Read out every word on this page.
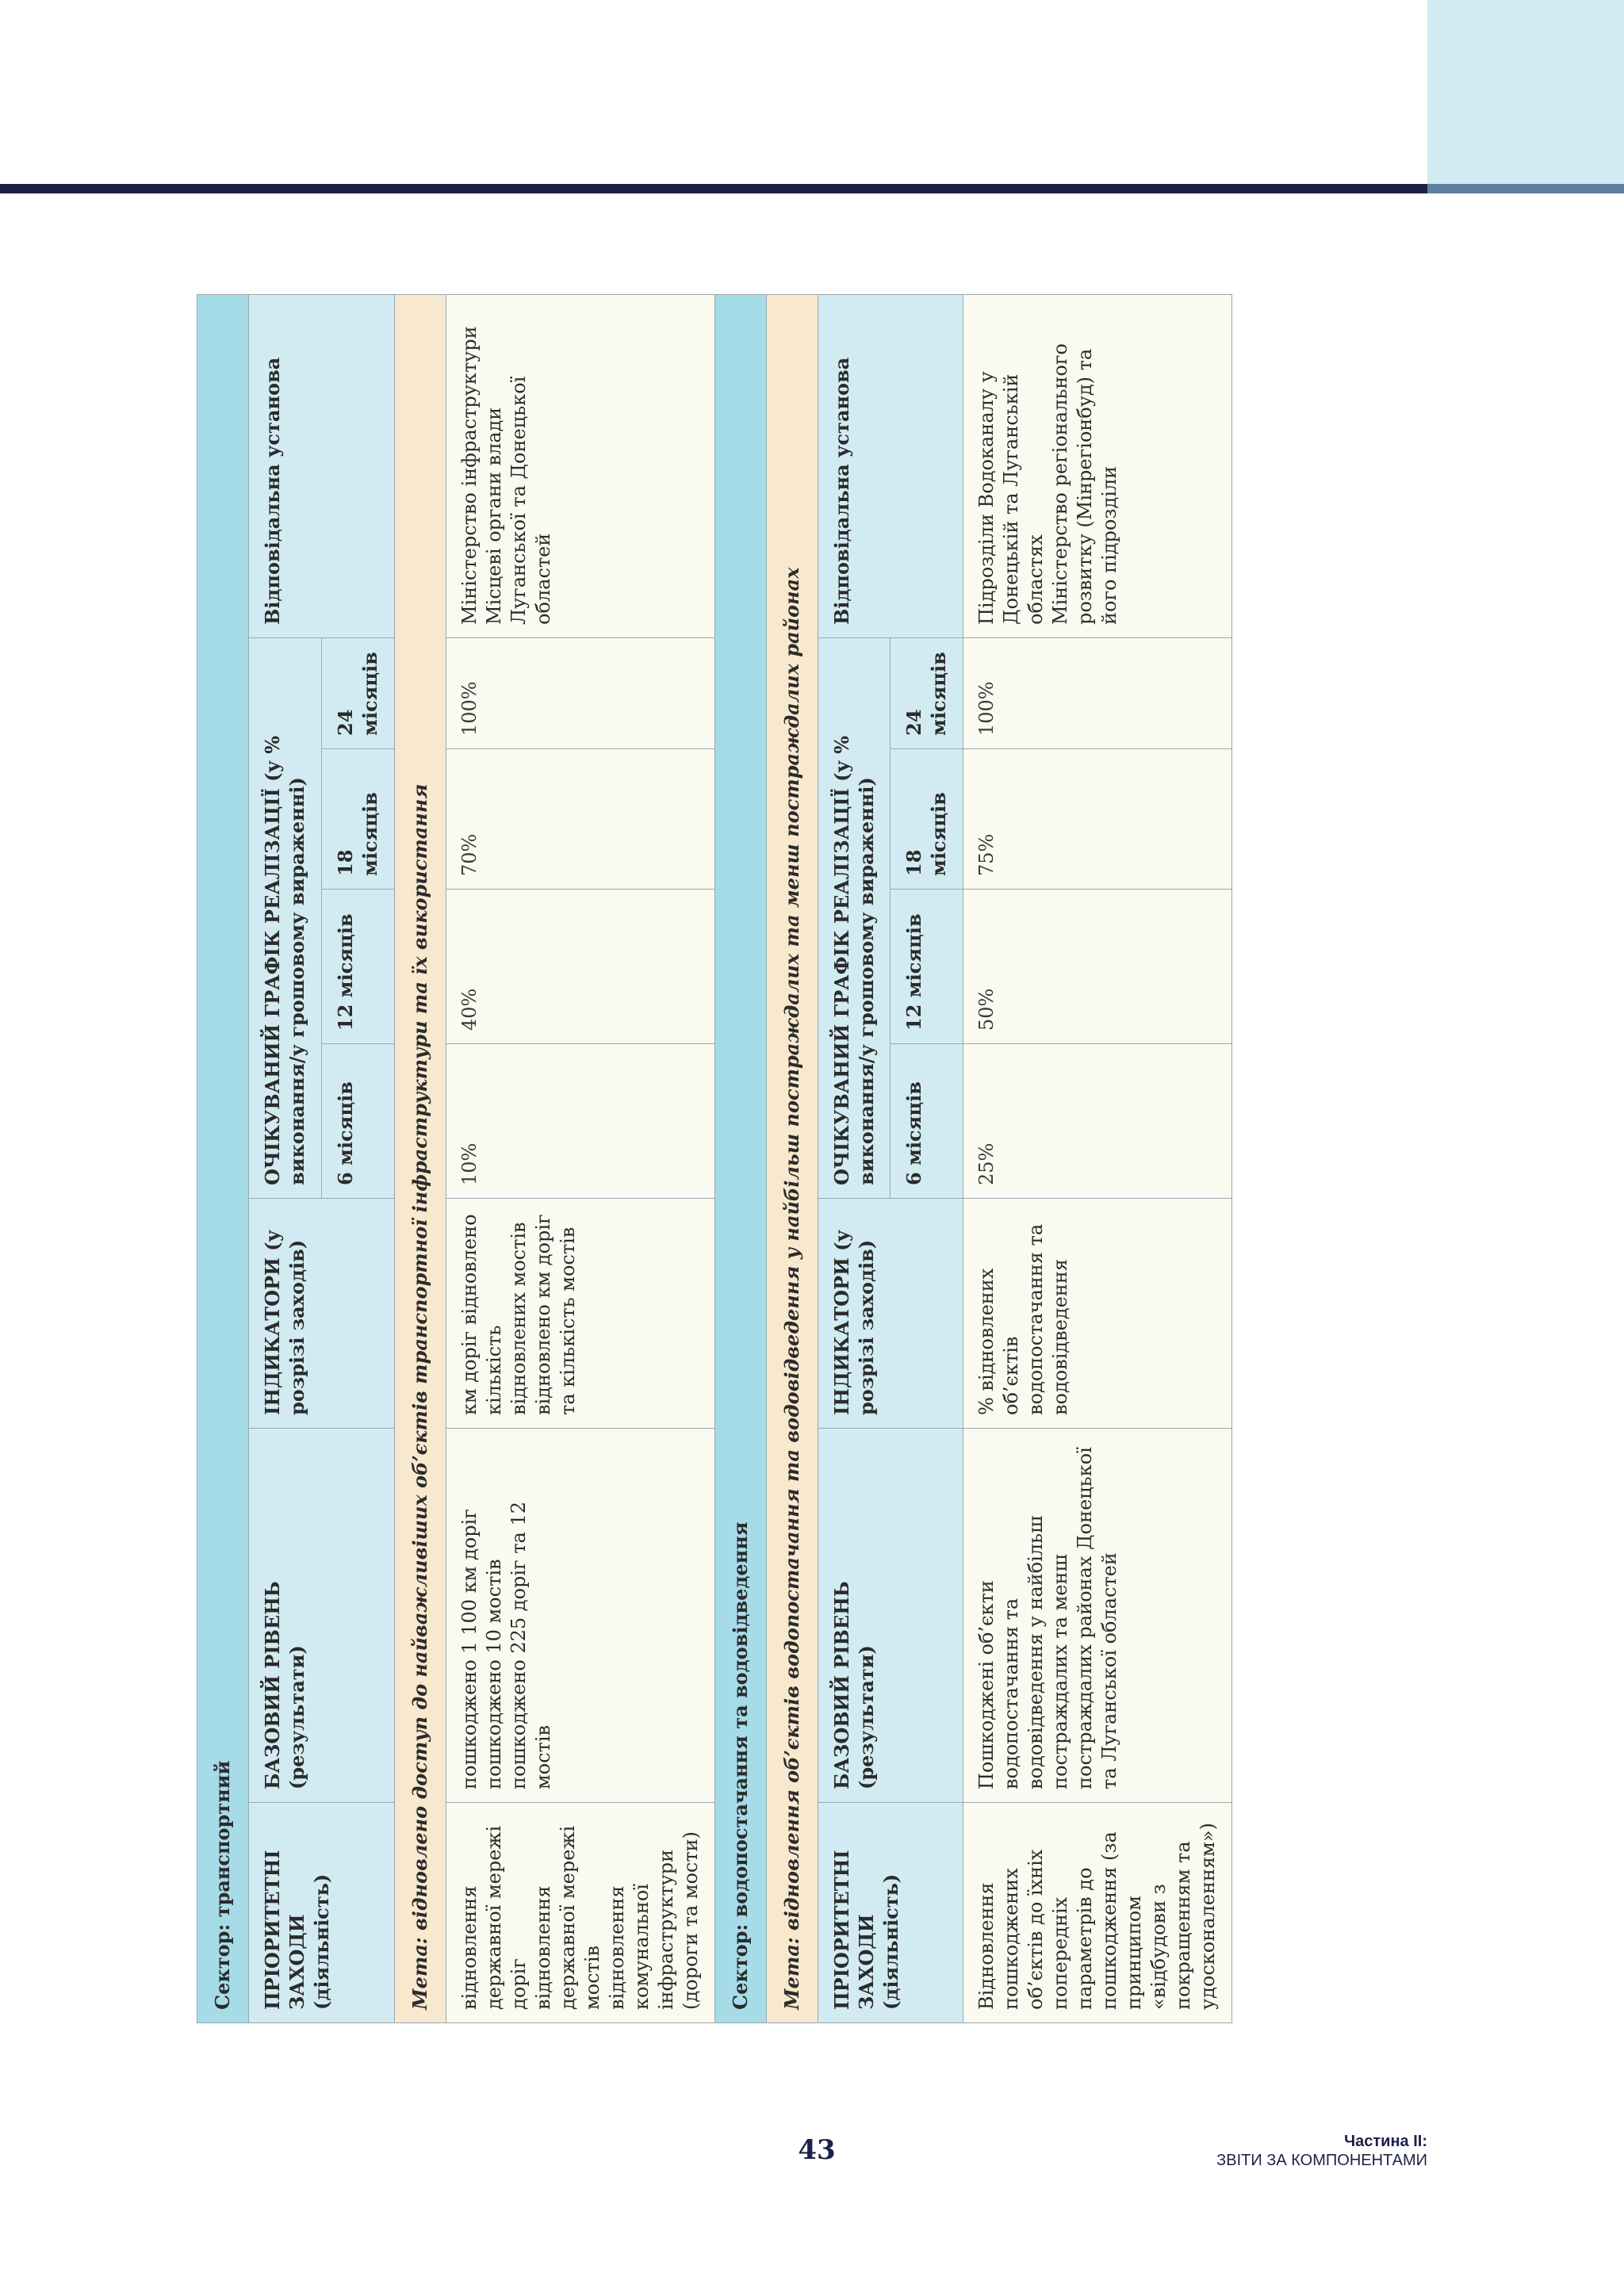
Сектор: транспортний							
ПРІОРИТЕТНІ ЗАХОДИ (діяльність)	БАЗОВИЙ РІВЕНЬ (результати)	ІНДИКАТОРИ (у розрізі заходів)	ОЧІКУВАНИЙ ГРАФІК РЕАЛІЗАЦІЇ (у % виконання/у грошовому вираженні)				Відповідальна установа
			6 місяців	12 місяців	18 місяців	24 місяців	
Мета: відновлено доступ до найважливіших об’єктів транспортної інфраструктури та їх використання							

відновлення державної мережі доріг відновлення державної мережі мостів відновлення комунальної інфраструктури (дороги та мости)	пошкоджено 1 100 км доріг пошкоджено 10 мостів пошкоджено 225 доріг та 12 мостів	км доріг відновлено кількість відновлених мостів відновлено км доріг та кількість мостів	10%	40%	70%	100%	Міністерство інфраструктури Місцеві органи влади Луганської та Донецької областей

Сектор: водопостачання та водовідведення							
Мета: відновлення об’єктів водопостачання та водовідведення у найбільш постраждалих та менш постраждалих районах							
ПРІОРИТЕТНІ ЗАХОДИ (діяльність)	БАЗОВИЙ РІВЕНЬ (результати)	ІНДИКАТОРИ (у розрізі заходів)	ОЧІКУВАНИЙ ГРАФІК РЕАЛІЗАЦІЇ (у % виконання/у грошовому вираженні)				Відповідальна установа
			6 місяців	12 місяців	18 місяців	24 місяців	

Відновлення пошкоджених об’єктів до їхніх попередніх параметрів до пошкодження (за принципом «відбудови з покращенням та удосконаленням»)	Пошкоджені об’єкти водопостачання та водовідведення у найбільш постраждалих та менш постраждалих районах Донецької та Луганської областей	% відновлених об’єктів водопостачання та водовідведення	25%	50%	75%	100%	Підрозділи Водоканалу у Донецькій та Луганській областях Міністерство регіонального розвитку (Мінрегіонбуд) та його підрозділи
43	Частина II:
ЗВІТИ ЗА КОМПОНЕНТАМИ
